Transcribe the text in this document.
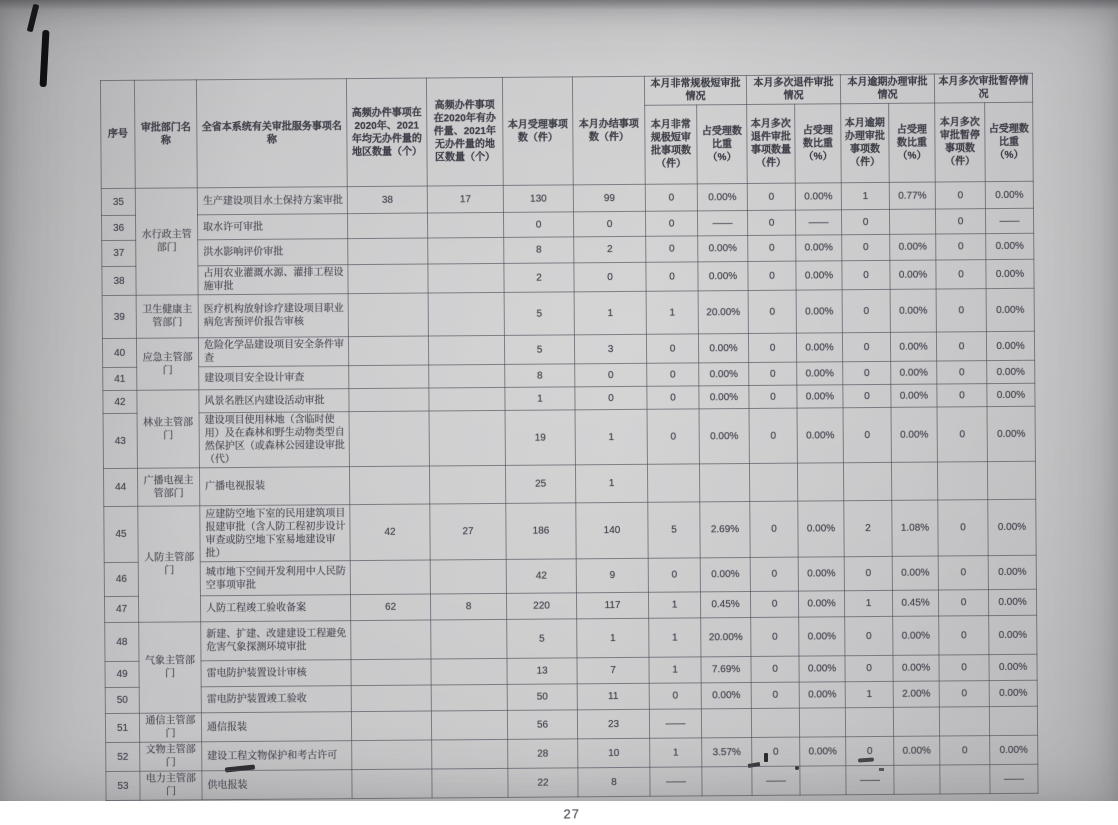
序号	审批部门名称	全省本系统有关审批服务事项名称	高频办件事项在2020年、2021年均无办件量的地区数量（个）	高频办件事项在2020年有办件量、2021年无办件量的地区数量（个）	本月受理事项数（件）	本月办结事项数（件）	本月非常规极短审批情况		本月多次退件审批情况		本月逾期办理审批情况		本月多次审批暂停情况	
							本月非常规极短审批事项数（件）	占受理数比重（%）	本月多次退件审批事项数量（件）	占受理数比重（%）	本月逾期办理审批事项数（件）	占受理数比重（%）	本月多次审批暂停事项数（件）	占受理数比重（%）
35	水行政主管部门	生产建设项目水土保持方案审批	38	17	130	99	0	0.00%	0	0.00%	1	0.77%	0	0.00%
36		取水许可审批			0	0	0	——	0	——	0		0	——
37		洪水影响评价审批			8	2	0	0.00%	0	0.00%	0	0.00%	0	0.00%
38		占用农业灌溉水源、灌排工程设施审批			2	0	0	0.00%	0	0.00%	0	0.00%	0	0.00%
39	卫生健康主管部门	医疗机构放射诊疗建设项目职业病危害预评价报告审核			5	1	1	20.00%	0	0.00%	0	0.00%	0	0.00%
40	应急主管部门	危险化学品建设项目安全条件审查			5	3	0	0.00%	0	0.00%	0	0.00%	0	0.00%
41		建设项目安全设计审查			8	0	0	0.00%	0	0.00%	0	0.00%	0	0.00%
42	林业主管部门	风景名胜区内建设活动审批			1	0	0	0.00%	0	0.00%	0	0.00%	0	0.00%
43		建设项目使用林地（含临时使用）及在森林和野生动物类型自然保护区（或森林公园建设审批（代）			19	1	0	0.00%	0	0.00%	0	0.00%	0	0.00%
44	广播电视主管部门	广播电视报装			25	1								
45	人防主管部门	应建防空地下室的民用建筑项目报建审批（含人防工程初步设计审查或防空地下室易地建设审批）	42	27	186	140	5	2.69%	0	0.00%	2	1.08%	0	0.00%
46		城市地下空间开发利用中人民防空事项审批			42	9	0	0.00%	0	0.00%	0	0.00%	0	0.00%
47		人防工程竣工验收备案	62	8	220	117	1	0.45%	0	0.00%	1	0.45%	0	0.00%
48	气象主管部门	新建、扩建、改建建设工程避免危害气象探测环境审批			5	1	1	20.00%	0	0.00%	0	0.00%	0	0.00%
49		雷电防护装置设计审核			13	7	1	7.69%	0	0.00%	0	0.00%	0	0.00%
50		雷电防护装置竣工验收			50	11	0	0.00%	0	0.00%	1	2.00%	0	0.00%
51	通信主管部门	通信报装			56	23	——							
52	文物主管部门	建设工程文物保护和考古许可			28	10	1	3.57%	0	0.00%	0	0.00%	0	0.00%
53	电力主管部门	供电报装			22	8	——		——		——			——
27
